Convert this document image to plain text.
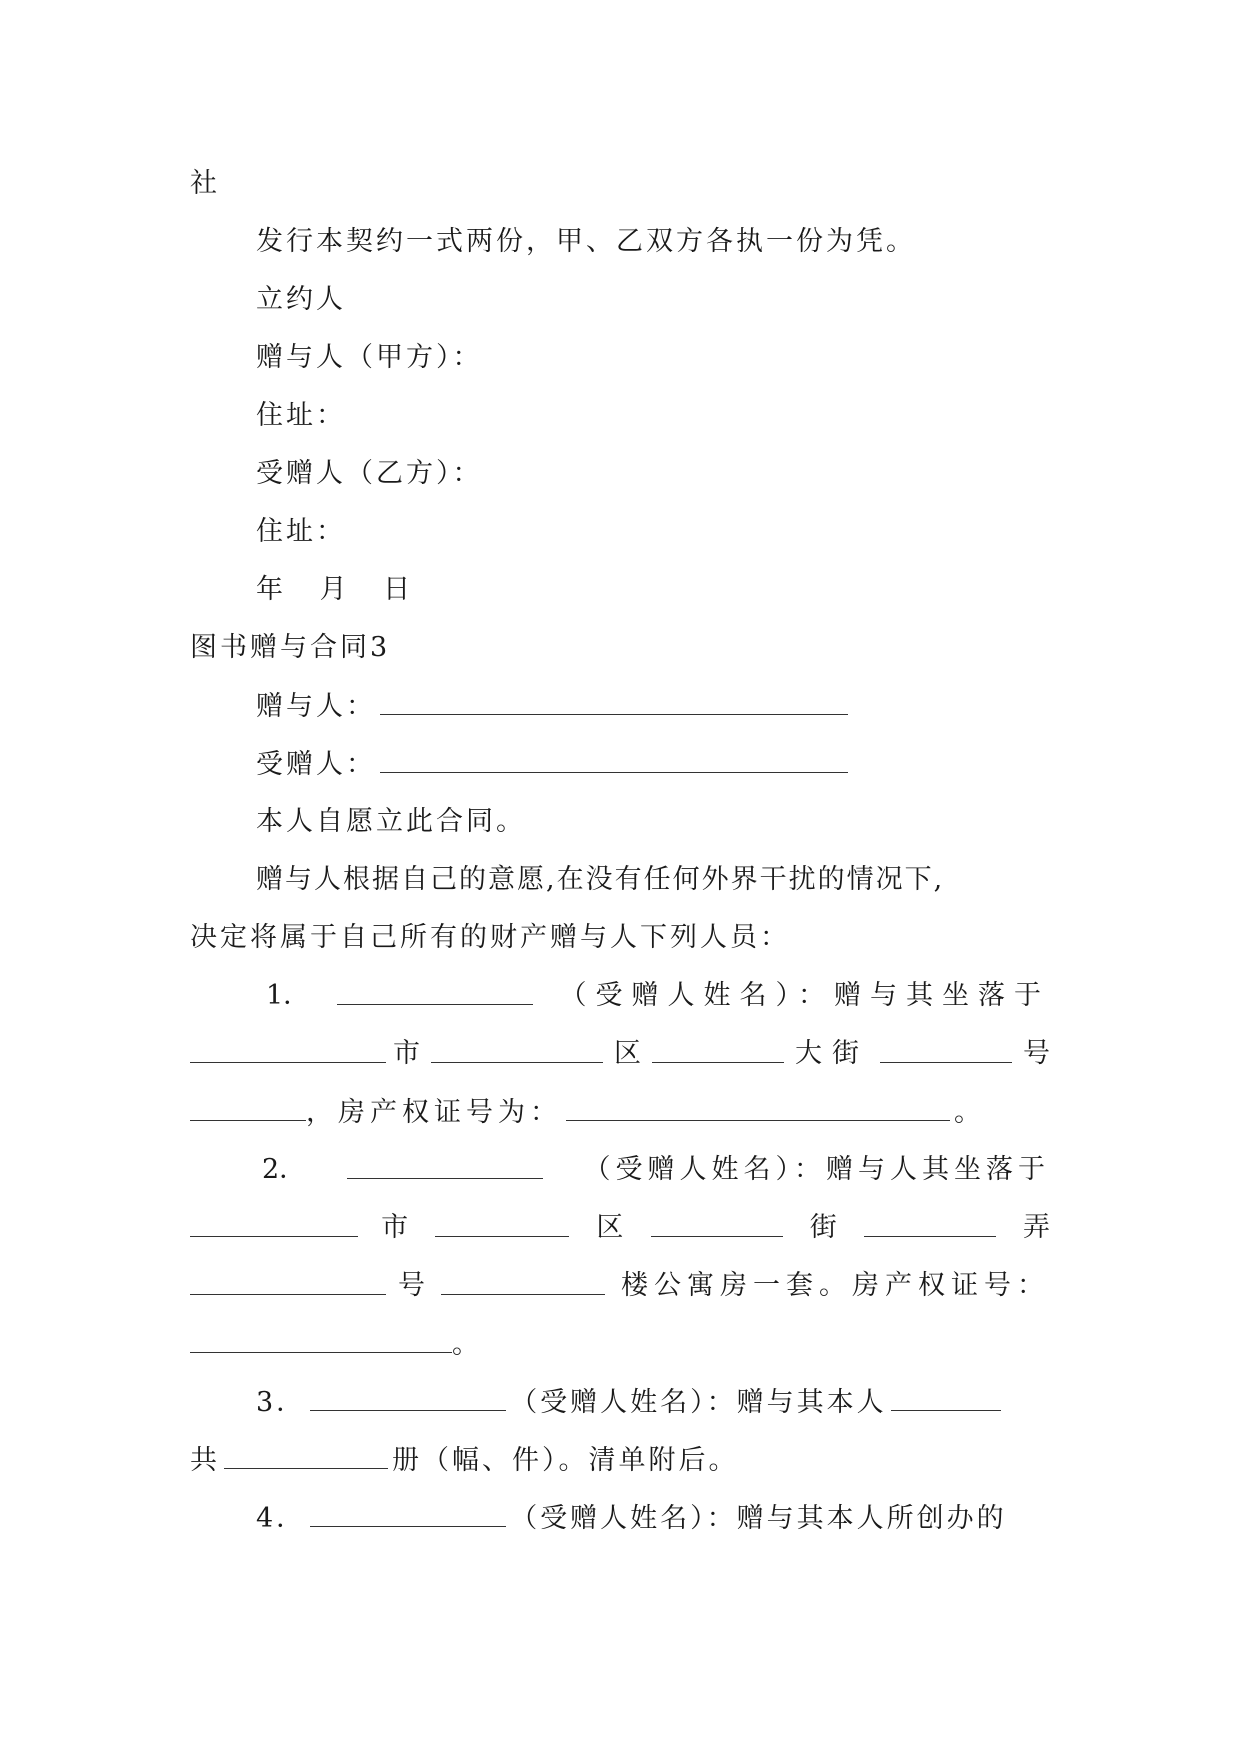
社
发行本契约一式两份，甲、乙双方各执一份为凭。
立约人
赠与人（甲方）：
住址：
受赠人（乙方）：
住址：
年 月 日
图书赠与合同3
赠与人：
受赠人：
本人自愿立此合同。
赠与人根据自己的意愿,在没有任何外界干扰的情况下,
决定将属于自己所有的财产赠与人下列人员：
1．	（受赠人姓名）：赠与其坐落于
市	区	大街	号
，房产权证号为：	。
2．	（受赠人姓名）：赠与人其坐落于
市	区	街	弄
号	楼公寓房一套。房产权证号：
。
3．	（受赠人姓名）：赠与其本人
共	册（幅、件）。清单附后。
4．	（受赠人姓名）：赠与其本人所创办的
